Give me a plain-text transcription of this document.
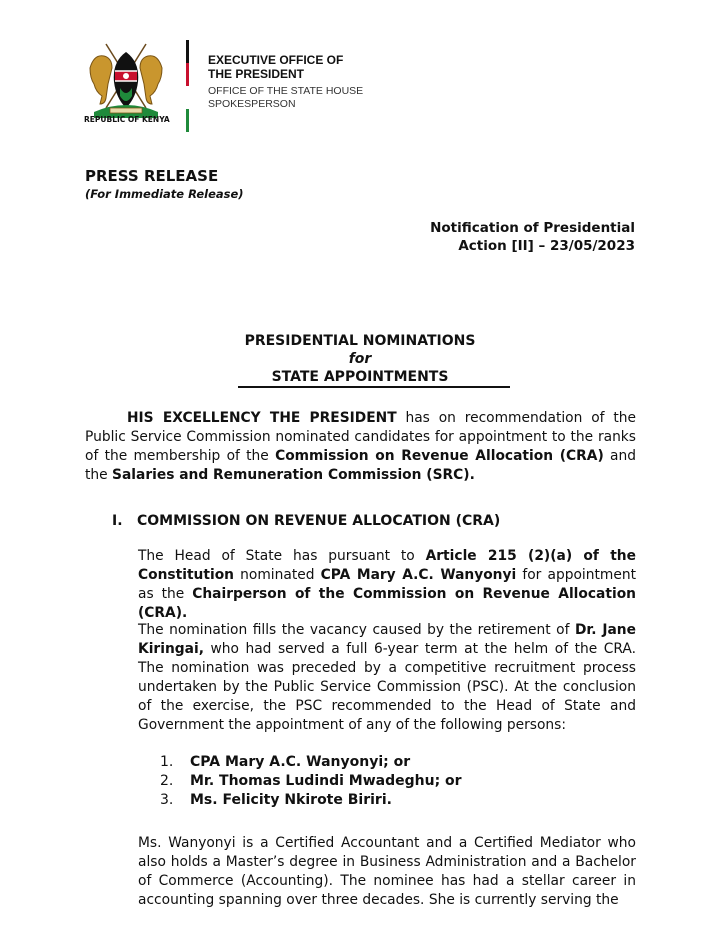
REPUBLIC OF KENYA
EXECUTIVE OFFICE OF
THE PRESIDENT
OFFICE OF THE STATE HOUSE
SPOKESPERSON
PRESS RELEASE
(For Immediate Release)
Notification of Presidential
Action [II] – 23/05/2023
PRESIDENTIAL NOMINATIONS
for
STATE APPOINTMENTS
HIS EXCELLENCY THE PRESIDENT has on recommendation of the Public Service Commission nominated candidates for appointment to the ranks of the membership of the Commission on Revenue Allocation (CRA) and the Salaries and Remuneration Commission (SRC).
I. COMMISSION ON REVENUE ALLOCATION (CRA)
The Head of State has pursuant to Article 215 (2)(a) of the Constitution nominated CPA Mary A.C. Wanyonyi for appointment as the Chairperson of the Commission on Revenue Allocation (CRA).
The nomination fills the vacancy caused by the retirement of Dr. Jane Kiringai, who had served a full 6-year term at the helm of the CRA. The nomination was preceded by a competitive recruitment process undertaken by the Public Service Commission (PSC). At the conclusion of the exercise, the PSC recommended to the Head of State and Government the appointment of any of the following persons:
1. CPA Mary A.C. Wanyonyi; or
2. Mr. Thomas Ludindi Mwadeghu; or
3. Ms. Felicity Nkirote Biriri.
Ms. Wanyonyi is a Certified Accountant and a Certified Mediator who also holds a Master’s degree in Business Administration and a Bachelor of Commerce (Accounting). The nominee has had a stellar career in accounting spanning over three decades. She is currently serving the
